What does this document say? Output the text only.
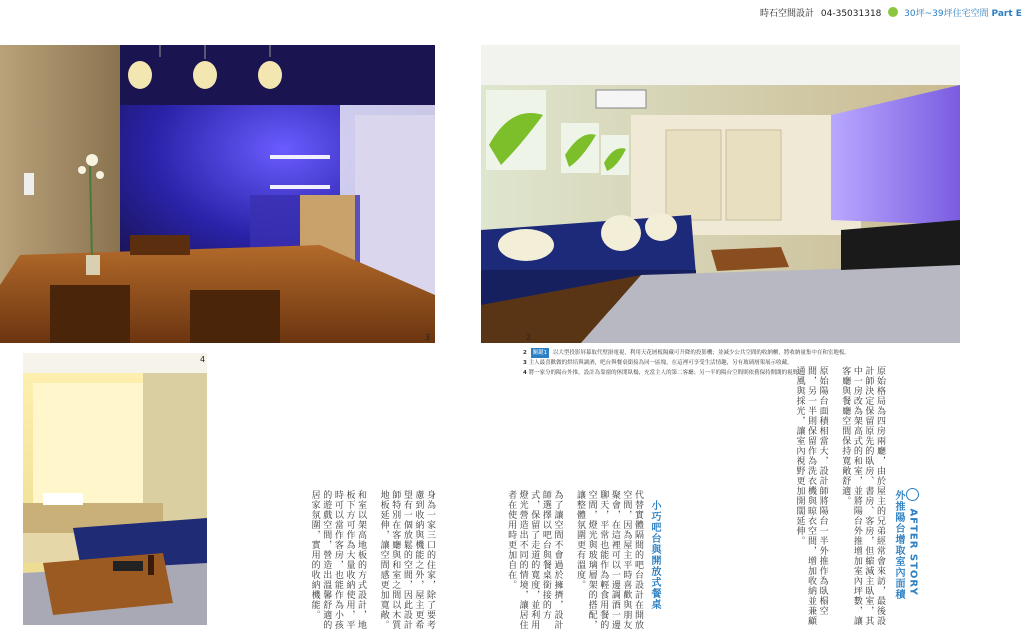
時石空間設計 04-35031318	30坪~39坪住宅空間 Part E
3	2
4
2 關鍵1 以大型投影屏幕取代壁掛電視，利用天花層板隔藏可升降的投影機；並減少公共空間的收納櫃，將收納量集中在和室地板。
3 主人最喜歡做的烘培與調酒，吧台與餐桌銜接為同一區塊，在這裡可享受生活情趣，另有玻璃層架展示收藏。
4 將一家分的陽台外推，設計為靠窗的休閒臥榻，充當主人的第二客廳；另一半的陽台空間則依舊保持開闊的視野。
AFTER STORY
外推陽台增取室內面積

原始格局為四房兩廳，由於屋主的兄弟經常會來訪，最後設計師決定保留原先的臥房、書房、客房，但縮減主臥室，其中一房改為架高式的和室，並將陽台外推增加室內坪數，讓客廳與餐廳空間保持寬敞舒適。

原始陽台面積相當大，設計師將陽台一半外推作為臥榻空間，另一半則保留作為洗衣機與晾衣空間，增加收納並兼顧通風與採光，讓室內視野更加開闊延伸。

小巧吧台與開放式餐桌

代替實體隔間的吧台設計在開放空間，因為屋主平時喜歡與朋友聚會，在這裡可以一邊調酒一邊聊天，平常也能作為輕食用餐的空間，燈光與玻璃層架的搭配，讓整體氛圍更有溫度。

為了讓空間不會過於擁擠，設計師選擇以吧台與餐桌銜接的方式，保留了走道的寬度，並利用燈光營造出不同的情境，讓居住者在使用時更加自在。

身為一家三口的住家，除了要考慮到收納與機能之外，屋主更希望有一個放鬆的空間，因此設計師特別在客廳與和室之間以木質地板延伸，讓空間感更加寬敞。

和室以架高地板的方式設計，地板下方可作為大量收納使用，平時可以當作客房，也能作為小孩的遊戲空間，營造出溫馨舒適的居家氛圍，實用的收納機能。
